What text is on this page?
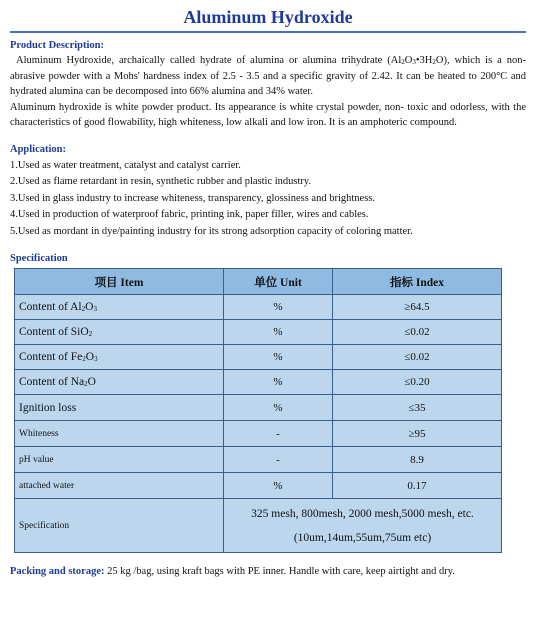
Aluminum Hydroxide
Product Description:
Aluminum Hydroxide, archaically called hydrate of alumina or alumina trihydrate $(Al_2O_3•3H_2O)$, which is a non-abrasive powder with a Mohs' hardness index of 2.5 - 3.5 and a specific gravity of 2.42. It can be heated to 200°C and hydrated alumina can be decomposed into 66% alumina and 34% water.
Aluminum hydroxide is white powder product. Its appearance is white crystal powder, non- toxic and odorless, with the characteristics of good flowability, high whiteness, low alkali and low iron. It is an amphoteric compound.
Application:
1.Used as water treatment, catalyst and catalyst carrier.
2.Used as flame retardant in resin, synthetic rubber and plastic industry.
3.Used in glass industry to increase whiteness, transparency, glossiness and brightness.
4.Used in production of waterproof fabric, printing ink, paper filler, wires and cables.
5.Used as mordant in dye/painting industry for its strong adsorption capacity of coloring matter.
Specification
项目 Item	单位 Unit	指标 Index
Content of $Al_2O_3$	%	≥64.5
Content of SiO$_2$	%	≤0.02
Content of $Fe_2O_3$	%	≤0.02
Content of $Na_2O$	%	≤0.20
Ignition loss	%	≤35
Whiteness	-	≥95
pH value	-	8.9
attached water	%	0.17
Specification	325 mesh, 800mesh, 2000 mesh,5000 mesh, etc.
(10um,14um,55um,75um etc)	
Packing and storage: 25 kg /bag, using kraft bags with PE inner. Handle with care, keep airtight and dry.
